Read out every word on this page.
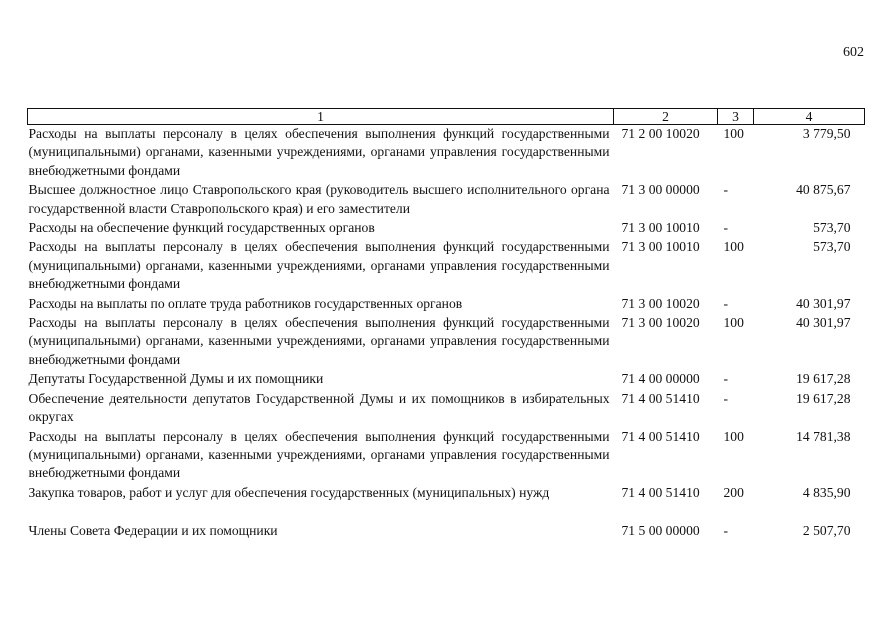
602
1	2	3	4
Расходы на выплаты персоналу в целях обеспечения выполнения функций государственными (муниципальными) органами, казенными учреждениями, органами управления государственными внебюджетными фондами	71 2 00 10020	100	3 779,50
Высшее должностное лицо Ставропольского края (руководитель высшего исполнительного органа государственной власти Ставропольского края) и его заместители	71 3 00 00000	-	40 875,67
Расходы на обеспечение функций государственных органов	71 3 00 10010	-	573,70
Расходы на выплаты персоналу в целях обеспечения выполнения функций государственными (муниципальными) органами, казенными учреждениями, органами управления государственными внебюджетными фондами	71 3 00 10010	100	573,70
Расходы на выплаты по оплате труда работников государственных органов	71 3 00 10020	-	40 301,97
Расходы на выплаты персоналу в целях обеспечения выполнения функций государственными (муниципальными) органами, казенными учреждениями, органами управления государственными внебюджетными фондами	71 3 00 10020	100	40 301,97
Депутаты Государственной Думы и их помощники	71 4 00 00000	-	19 617,28
Обеспечение деятельности депутатов Государственной Думы и их помощников в избирательных округах	71 4 00 51410	-	19 617,28
Расходы на выплаты персоналу в целях обеспечения выполнения функций государственными (муниципальными) органами, казенными учреждениями, органами управления государственными внебюджетными фондами	71 4 00 51410	100	14 781,38
Закупка товаров, работ и услуг для обеспечения государственных (муниципальных) нужд	71 4 00 51410	200	4 835,90
Члены Совета Федерации и их помощники	71 5 00 00000	-	2 507,70
